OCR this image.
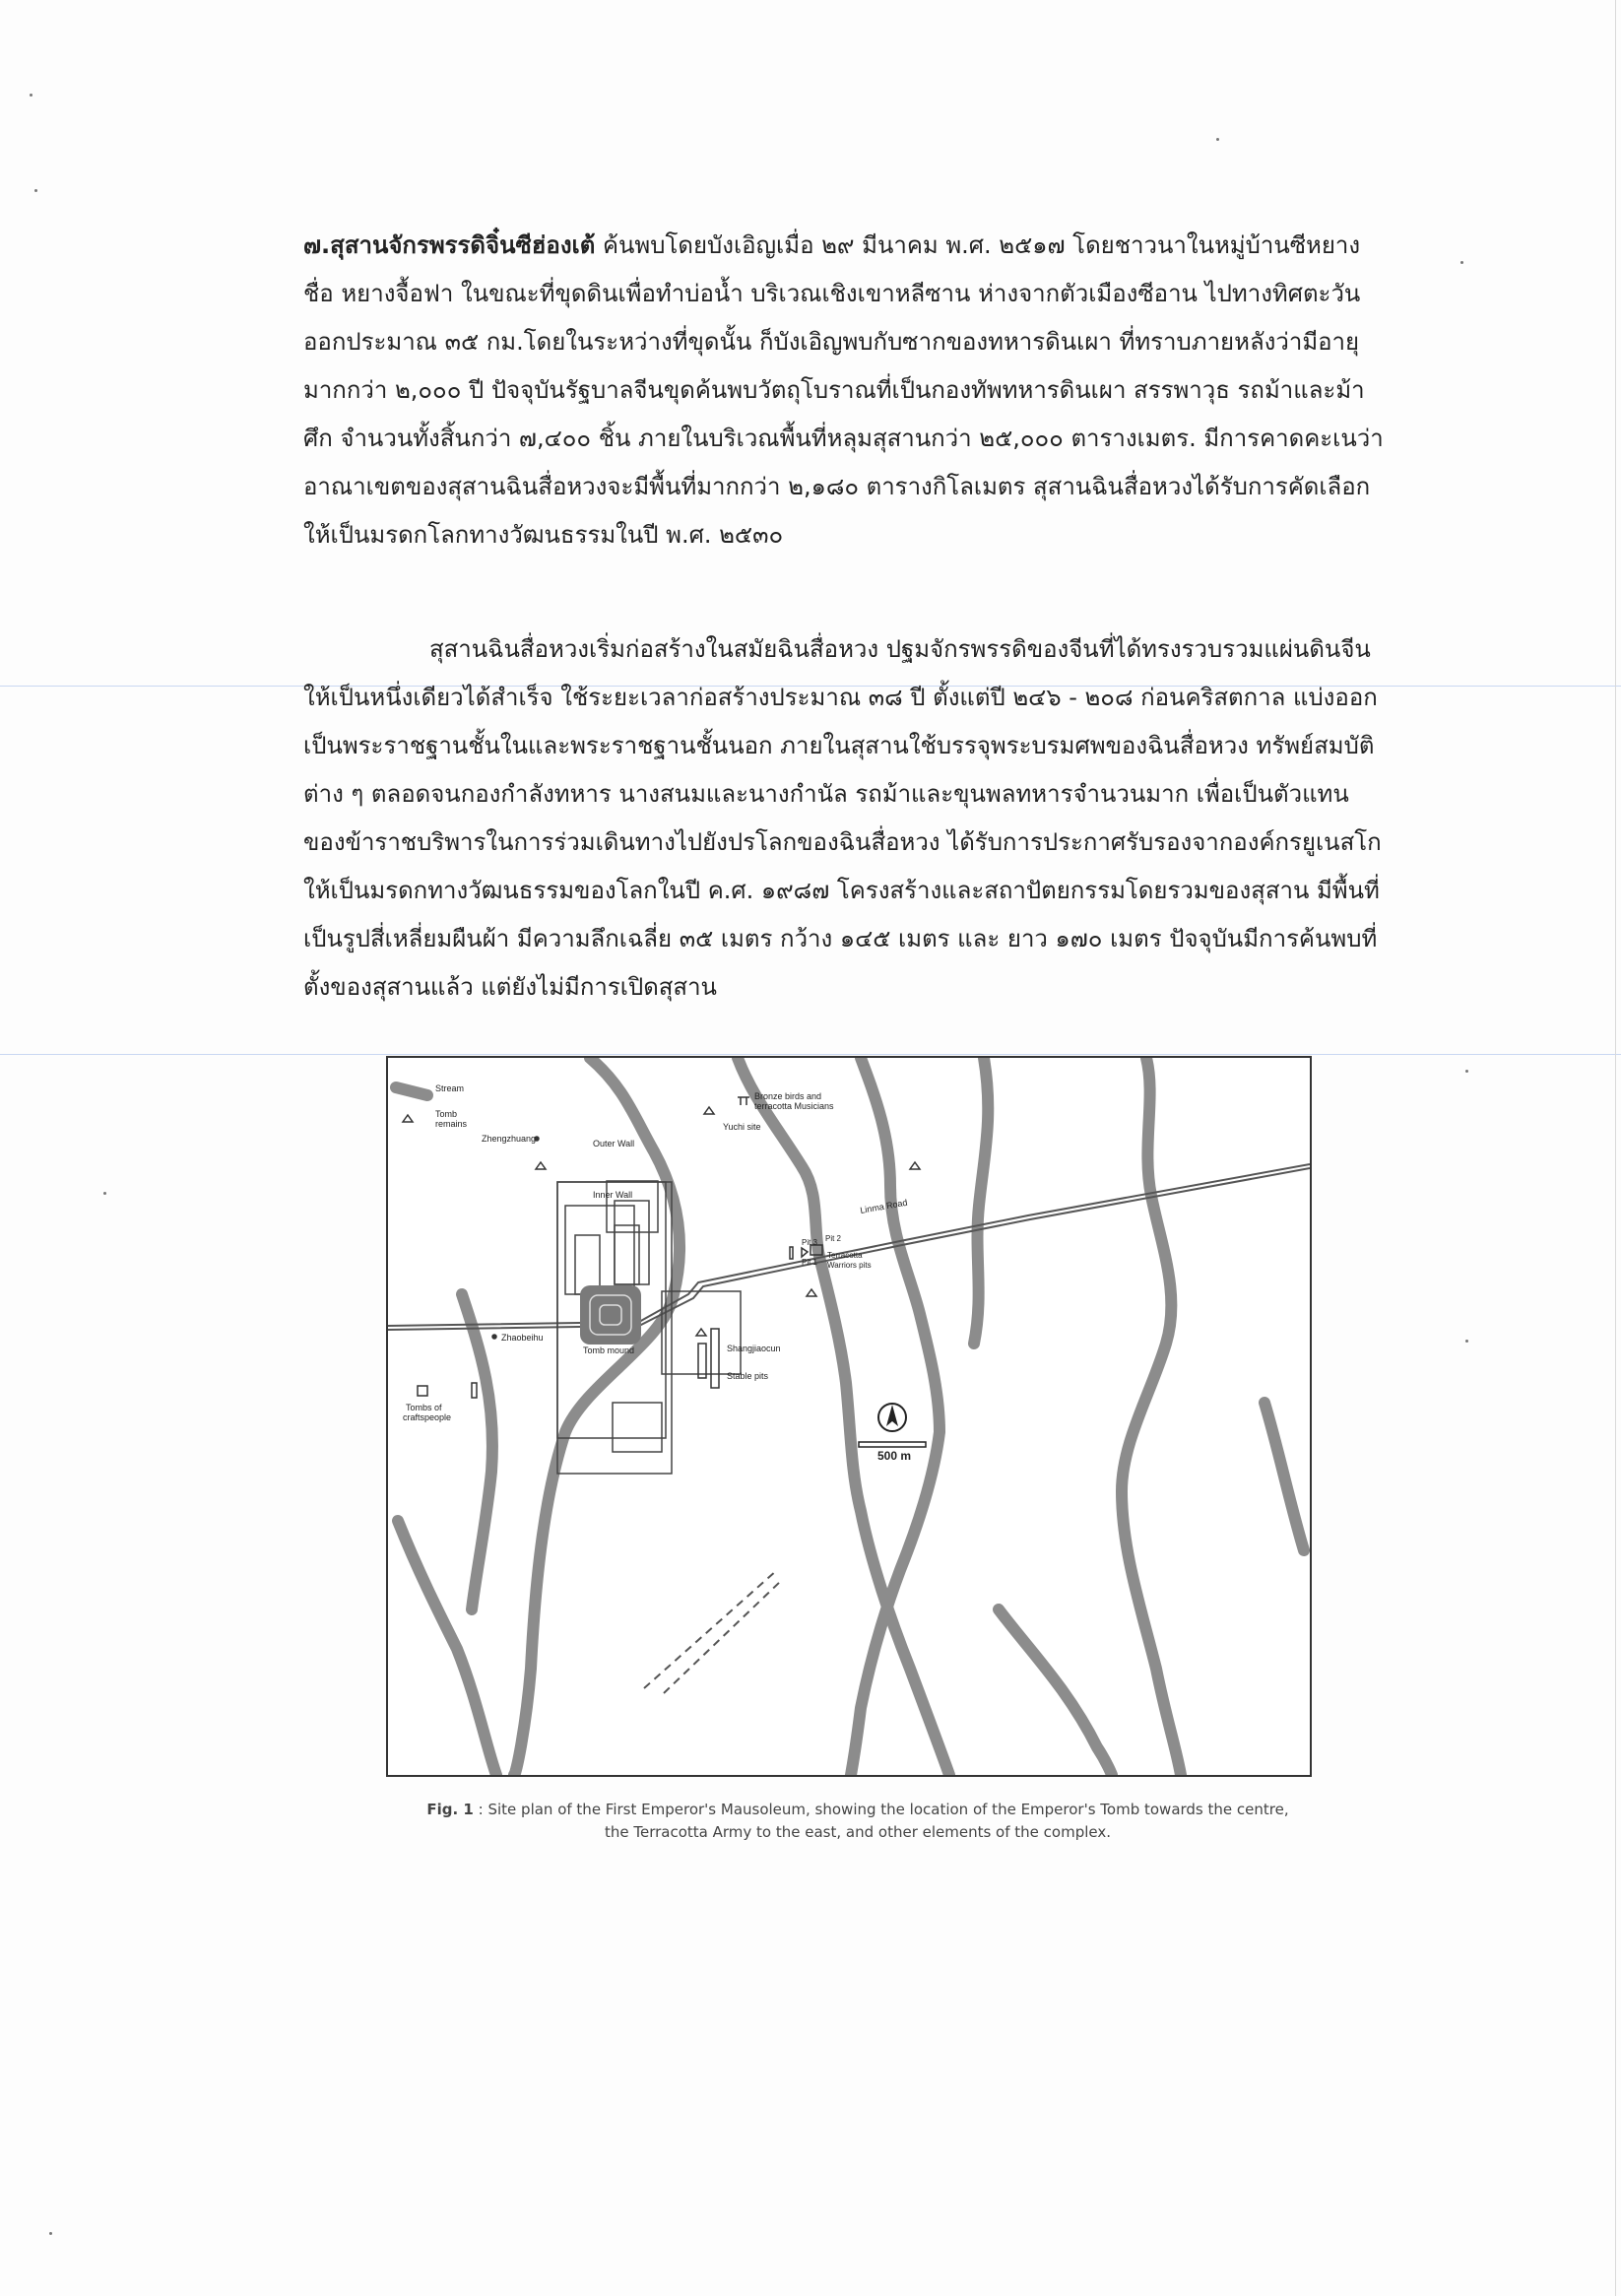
๗.สุสานจักรพรรดิจิ๋นซีฮ่องเต้ ค้นพบโดยบังเอิญเมื่อ ๒๙ มีนาคม พ.ศ. ๒๕๑๗ โดยชาวนาในหมู่บ้านซีหยาง ชื่อ หยางจื้อฟา ในขณะที่ขุดดินเพื่อทำบ่อน้ำ บริเวณเชิงเขาหลีซาน ห่างจากตัวเมืองซีอาน ไปทางทิศตะวันออกประมาณ ๓๕ กม.โดยในระหว่างที่ขุดนั้น ก็บังเอิญพบกับซากของทหารดินเผา ที่ทราบภายหลังว่ามีอายุมากกว่า ๒,๐๐๐ ปี ปัจจุบันรัฐบาลจีนขุดค้นพบวัตถุโบราณที่เป็นกองทัพทหารดินเผา สรรพาวุธ รถม้าและม้าศึก จำนวนทั้งสิ้นกว่า ๗,๔๐๐ ชิ้น ภายในบริเวณพื้นที่หลุมสุสานกว่า ๒๕,๐๐๐ ตารางเมตร. มีการคาดคะเนว่าอาณาเขตของสุสานฉินสื่อหวงจะมีพื้นที่มากกว่า ๒,๑๘๐ ตารางกิโลเมตร สุสานฉินสื่อหวงได้รับการคัดเลือกให้เป็นมรดกโลกทางวัฒนธรรมในปี พ.ศ. ๒๕๓๐

สุสานฉินสื่อหวงเริ่มก่อสร้างในสมัยฉินสื่อหวง ปฐมจักรพรรดิของจีนที่ได้ทรงรวบรวมแผ่นดินจีนให้เป็นหนึ่งเดียวได้สำเร็จ ใช้ระยะเวลาก่อสร้างประมาณ ๓๘ ปี ตั้งแต่ปี ๒๔๖ - ๒๐๘ ก่อนคริสตกาล แบ่งออกเป็นพระราชฐานชั้นในและพระราชฐานชั้นนอก ภายในสุสานใช้บรรจุพระบรมศพของฉินสื่อหวง ทรัพย์สมบัติต่าง ๆ ตลอดจนกองกำลังทหาร นางสนมและนางกำนัล รถม้าและขุนพลทหารจำนวนมาก เพื่อเป็นตัวแทนของข้าราชบริพารในการร่วมเดินทางไปยังปรโลกของฉินสื่อหวง ได้รับการประกาศรับรองจากองค์กรยูเนสโกให้เป็นมรดกทางวัฒนธรรมของโลกในปี ค.ศ. ๑๙๘๗ โครงสร้างและสถาปัตยกรรมโดยรวมของสุสาน มีพื้นที่เป็นรูปสี่เหลี่ยมผืนผ้า มีความลึกเฉลี่ย ๓๕ เมตร กว้าง ๑๔๕ เมตร และ ยาว ๑๗๐ เมตร ปัจจุบันมีการค้นพบที่ตั้งของสุสานแล้ว แต่ยังไม่มีการเปิดสุสาน

Stream
Tomb
remains
Bronze birds and
terracotta Musicians
Yuchi site
Zhengzhuang	Outer Wall
Inner Wall
Linma Road
Pit 3 Pit 2
Pit 1
Terracotta
Warriors pits
Zhaobeihu
Tomb mound	Shangjiaocun
Stable pits
Tombs of
craftspeople
500 m
Fig. 1 : Site plan of the First Emperor's Mausoleum, showing the location of the Emperor's Tomb towards the centre,
the Terracotta Army to the east, and other elements of the complex.
